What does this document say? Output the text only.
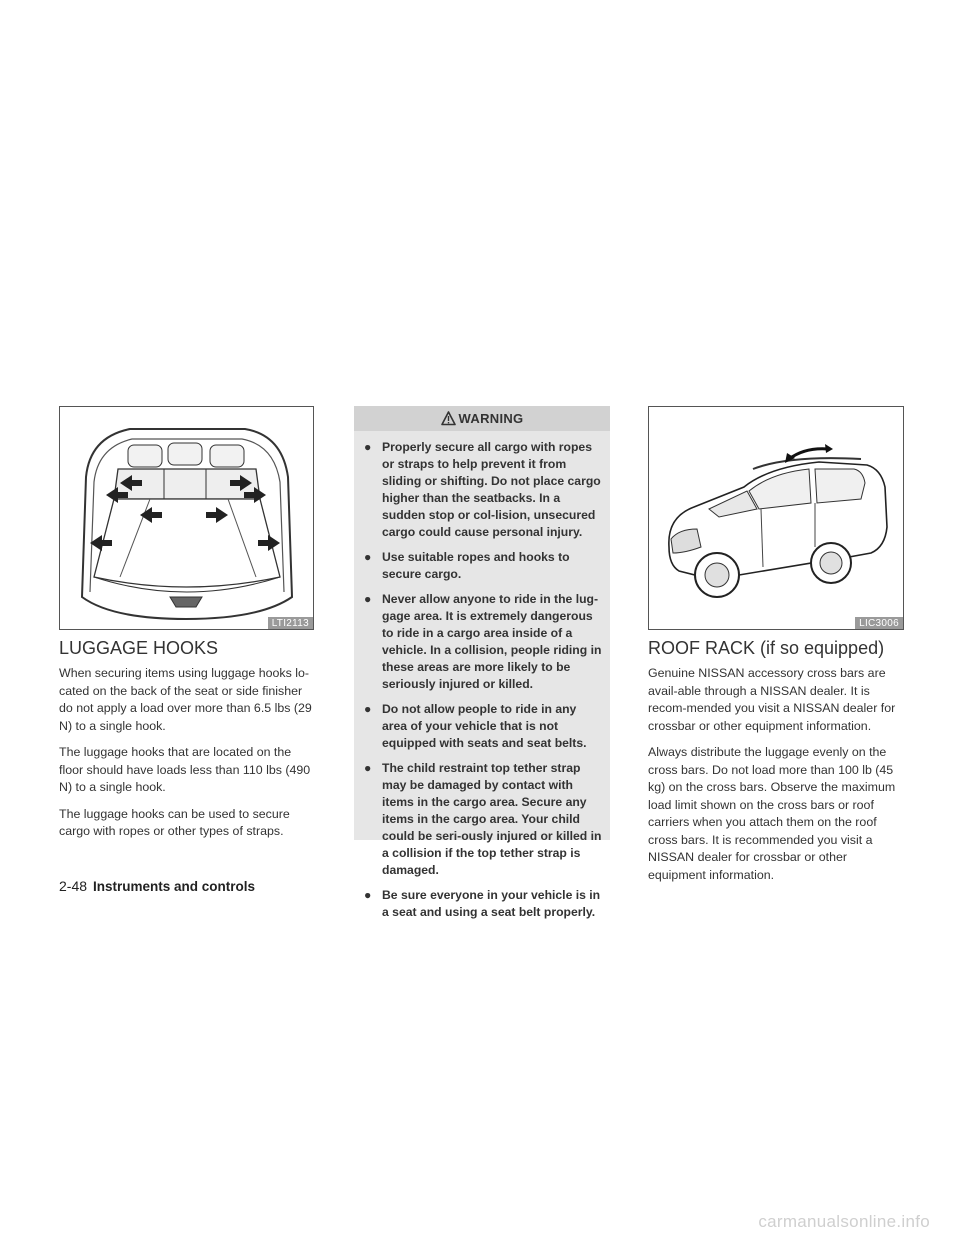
LTI2113
LUGGAGE HOOKS

When securing items using luggage hooks lo-cated on the back of the seat or side finisher do not apply a load over more than 6.5 lbs (29 N) to a single hook.

The luggage hooks that are located on the floor should have loads less than 110 lbs (490 N) to a single hook.

The luggage hooks can be used to secure cargo with ropes or other types of straps.

WARNING
● Properly secure all cargo with ropes or straps to help prevent it from sliding or shifting. Do not place cargo higher than the seatbacks. In a sudden stop or col-lision, unsecured cargo could cause personal injury.
● Use suitable ropes and hooks to secure cargo.
● Never allow anyone to ride in the lug-gage area. It is extremely dangerous to ride in a cargo area inside of a vehicle. In a collision, people riding in these areas are more likely to be seriously injured or killed.
● Do not allow people to ride in any area of your vehicle that is not equipped with seats and seat belts.
● The child restraint top tether strap may be damaged by contact with items in the cargo area. Secure any items in the cargo area. Your child could be seri-ously injured or killed in a collision if the top tether strap is damaged.
● Be sure everyone in your vehicle is in a seat and using a seat belt properly.
LIC3006
ROOF RACK (if so equipped)

Genuine NISSAN accessory cross bars are avail-able through a NISSAN dealer. It is recom-mended you visit a NISSAN dealer for crossbar or other equipment information.

Always distribute the luggage evenly on the cross bars. Do not load more than 100 lb (45 kg) on the cross bars. Observe the maximum load limit shown on the cross bars or roof carriers when you attach them on the roof cross bars. It is recommended you visit a NISSAN dealer for crossbar or other equipment information.

2-48 Instruments and controls
carmanualsonline.info
